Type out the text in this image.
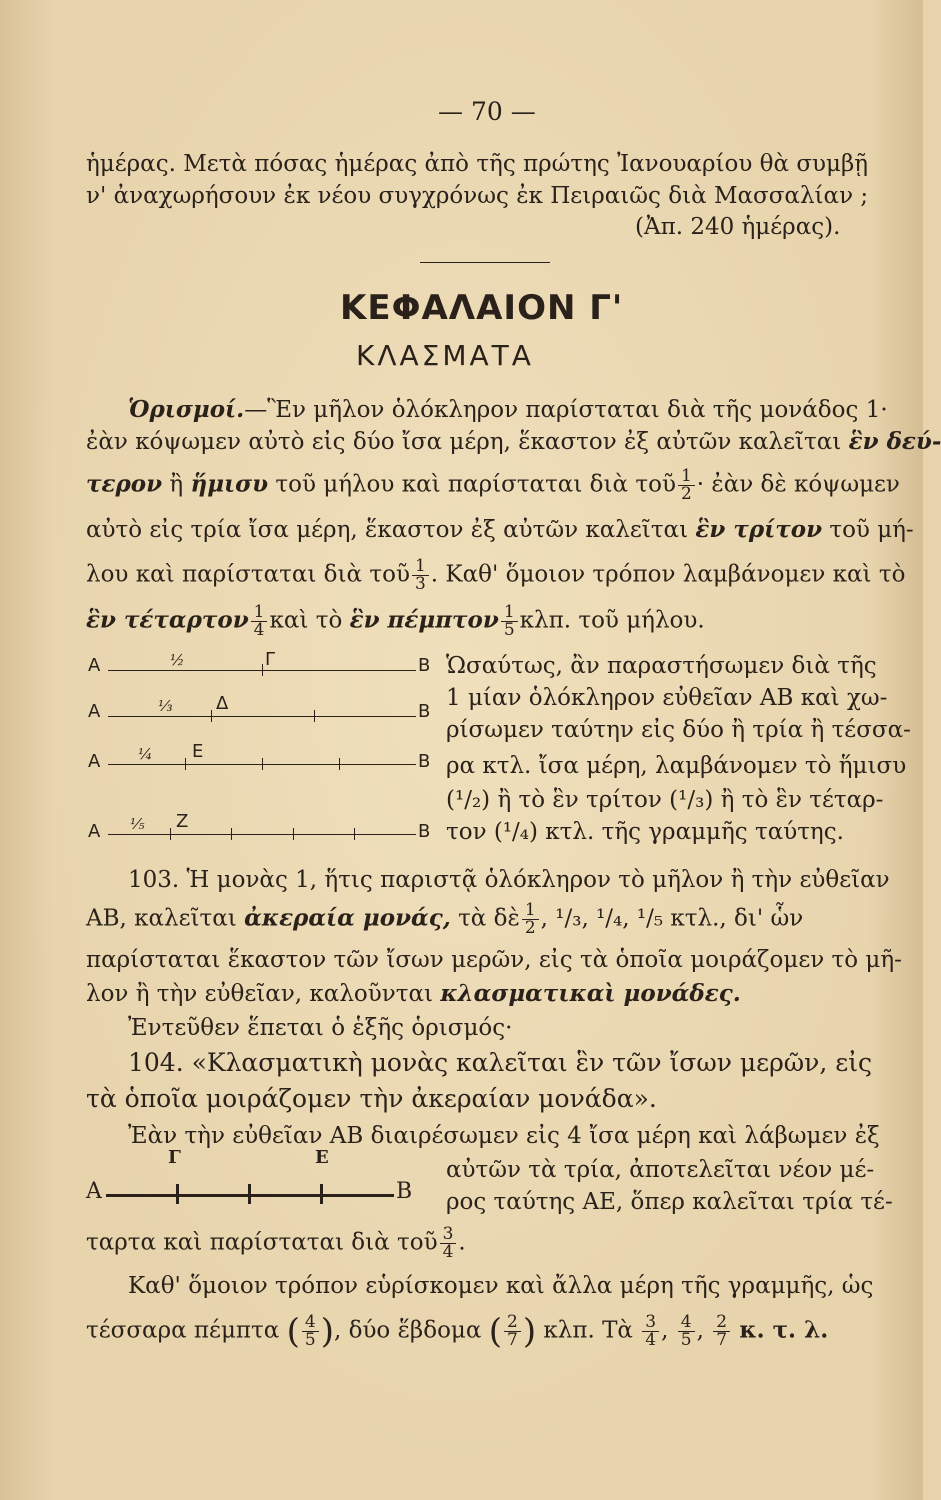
— 70 —
ἡμέρας. Μετὰ πόσας ἡμέρας ἀπὸ τῆς πρώτης Ἰανουαρίου θὰ συμβῇ
ν' ἀναχωρήσουν ἐκ νέου συγχρόνως ἐκ Πειραιῶς διὰ Μασσαλίαν ;
(Ἀπ. 240 ἡμέρας).
ΚΕΦΑΛΑΙΟΝ Γ'
ΚΛΑΣΜΑΤΑ
Ὁρισμοί.—Ἓν μῆλον ὁλόκληρον παρίσταται διὰ τῆς μονάδος 1·
ἐὰν κόψωμεν αὐτὸ εἰς δύο ἴσα μέρη, ἕκαστον ἐξ αὐτῶν καλεῖται ἓν δεύ-
τερον ἢ ἥμισυ τοῦ μήλου καὶ παρίσταται διὰ τοῦ $\frac{1}{2}$ · ἐὰν δὲ κόψωμεν
αὐτὸ εἰς τρία ἴσα μέρη, ἕκαστον ἐξ αὐτῶν καλεῖται ἓν τρίτον τοῦ μή-
λου καὶ παρίσταται διὰ τοῦ $\frac{1}{3}$ . Καθ' ὅμοιον τρόπον λαμβάνομεν καὶ τὸ
ἓν τέταρτον $\frac{1}{4}$ καὶ τὸ ἓν πέμπτον $\frac{1}{5} \kappa\lambda\pi$. τοῦ μήλου.
Α	½	Γ	Β
Α	⅓ Δ	Β
Α	¼ Ε	Β
Α ⅕ Ζ	Β
Ὡσαύτως, ἂν παραστήσωμεν διὰ τῆς
1 μίαν ὁλόκληρον εὐθεῖαν ΑΒ καὶ χω-
ρίσωμεν ταύτην εἰς δύο ἢ τρία ἢ τέσσα-
ρα κτλ. ἴσα μέρη, λαμβάνομεν τὸ ἥμισυ
(¹/₂) ἢ τὸ ἓν τρίτον (¹/₃) ἢ τὸ ἓν τέταρ-
τον (¹/₄) κτλ. τῆς γραμμῆς ταύτης.
103. Ἡ μονὰς 1, ἥτις παριστᾷ ὁλόκληρον τὸ μῆλον ἢ τὴν εὐθεῖαν
ΑΒ, καλεῖται ἀκεραία μονάς, τὰ δὲ $\frac{1}{2}$ , ¹/₃, ¹/₄, ¹/₅ κτλ., δι' ὧν
παρίσταται ἕκαστον τῶν ἴσων μερῶν, εἰς τὰ ὁποῖα μοιράζομεν τὸ μῆ-
λον ἢ τὴν εὐθεῖαν, καλοῦνται κλασματικαὶ μονάδες.
Ἐντεῦθεν ἕπεται ὁ ἑξῆς ὁρισμός·
104. «Κλασματικὴ μονὰς καλεῖται ἓν τῶν ἴσων μερῶν, εἰς
τὰ ὁποῖα μοιράζομεν τὴν ἀκεραίαν μονάδα».
Ἐὰν τὴν εὐθεῖαν ΑΒ διαιρέσωμεν εἰς 4 ἴσα μέρη καὶ λάβωμεν ἐξ
Γ	Ε
Α	Β
αὐτῶν τὰ τρία, ἀποτελεῖται νέον μέ-
ρος ταύτης ΑΕ, ὅπερ καλεῖται τρία τέ-
ταρτα καὶ παρίσταται διὰ τοῦ $\frac{3}{4}$ .
Καθ' ὅμοιον τρόπον εὑρίσκομεν καὶ ἄλλα μέρη τῆς γραμμῆς, ὡς
τέσσαρα πέμπτα ( $\frac{4}{5}$ ), δύο ἕβδομα ( $\frac{2}{7}$ ) κλπ. Τὰ $\frac{3}{4}$ , $\frac{4}{5}$ , $\frac{2}{7} \kappa$. τ. λ.
